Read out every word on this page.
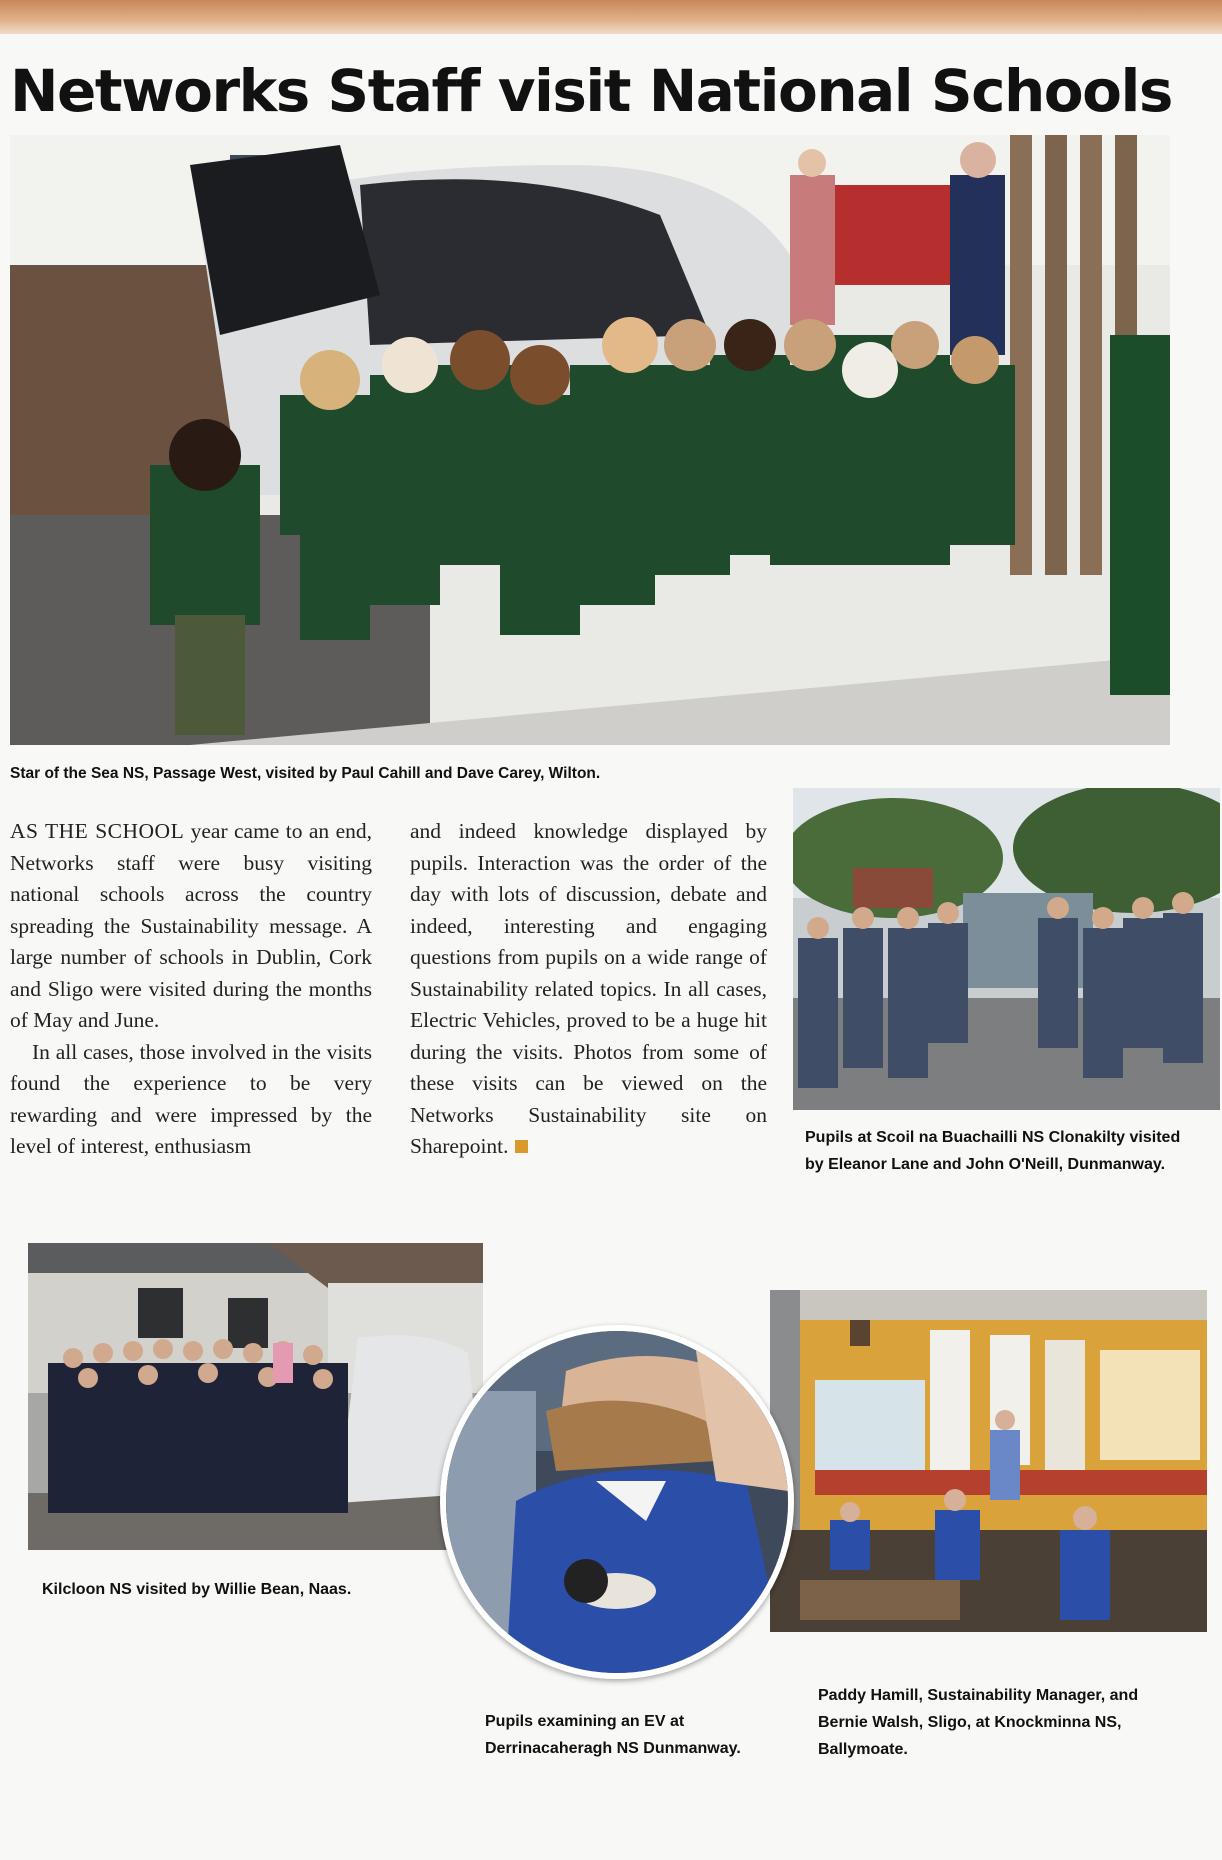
Networks Staff visit National Schools
Star of the Sea NS, Passage West, visited by Paul Cahill and Dave Carey, Wilton.

AS THE SCHOOL year came to an end, Networks staff were busy visiting national schools across the country spreading the Sustainability message. A large number of schools in Dublin, Cork and Sligo were visited during the months of May and June.

In all cases, those involved in the visits found the experience to be very rewarding and were impressed by the level of interest, enthusiasm

and indeed knowledge displayed by pupils. Interaction was the order of the day with lots of discussion, debate and indeed, interesting and engaging questions from pupils on a wide range of Sustainability related topics. In all cases, Electric Vehicles, proved to be a huge hit during the visits. Photos from some of these visits can be viewed on the Networks Sustainability site on Sharepoint.	Pupils at Scoil na Buachailli NS Clonakilty visited by Eleanor Lane and John O'Neill, Dunmanway.
Kilcloon NS visited by Willie Bean, Naas.
Paddy Hamill, Sustainability Manager, and Bernie Walsh, Sligo, at Knockminna NS, Ballymoate.
Pupils examining an EV at Derrinacaheragh NS Dunmanway.
